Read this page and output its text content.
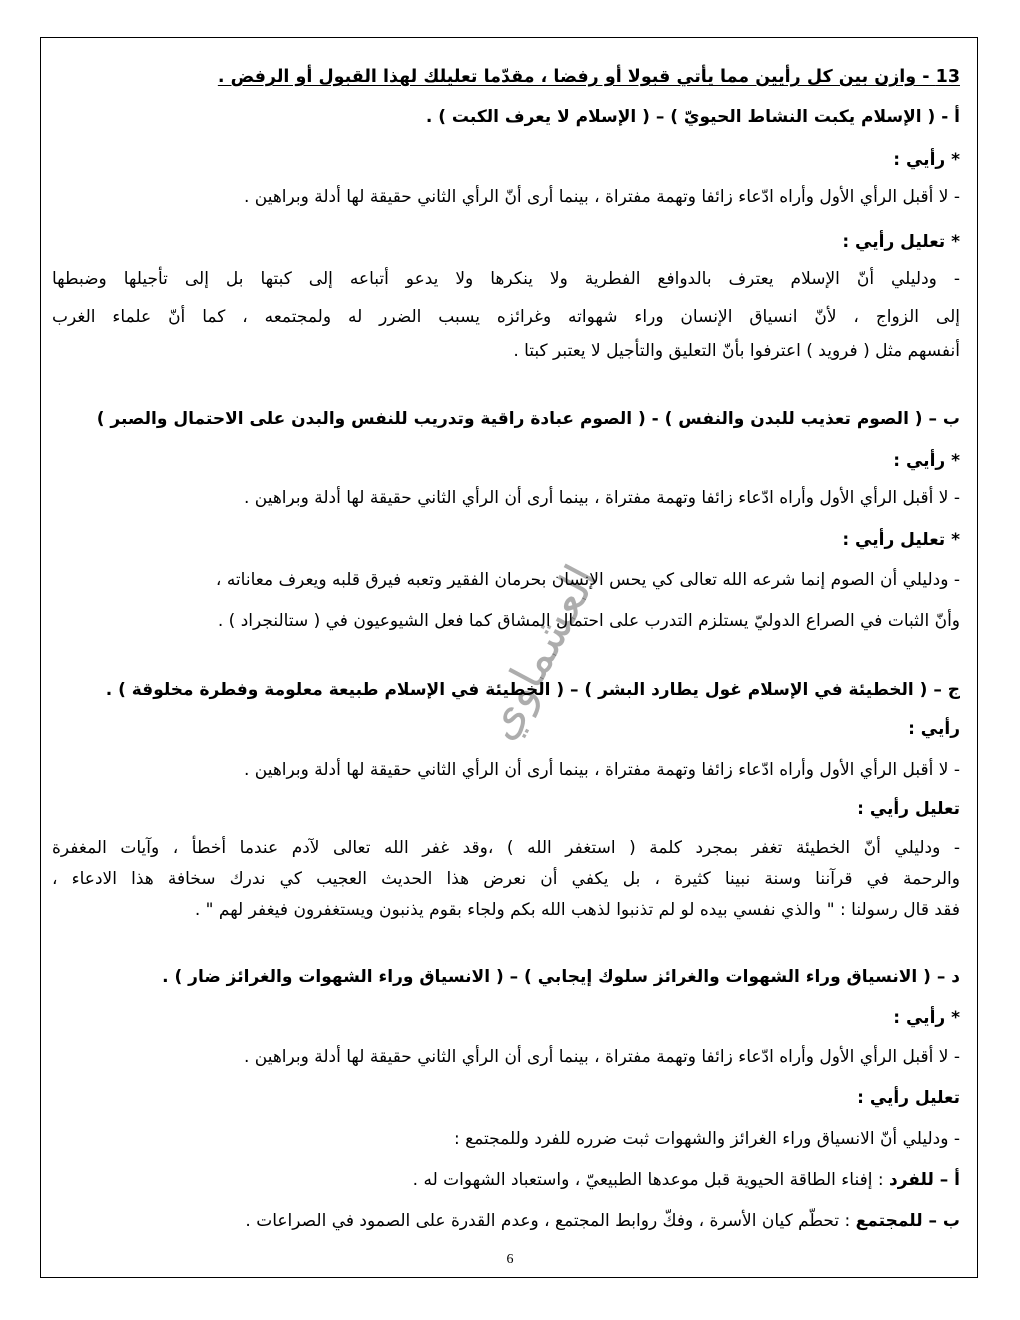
13 - وازن بين كل رأيين مما يأتي قبولا أو رفضا ، مقدّما تعليلك لهذا القبول أو الرفض .
أ - ( الإسلام يكبت النشاط الحيويّ ) – ( الإسلام لا يعرف الكبت ) .
* رأيي :
- لا أقبل الرأي الأول وأراه ادّعاء زائفا وتهمة مفتراة ، بينما أرى أنّ الرأي الثاني حقيقة لها أدلة وبراهين .
* تعليل رأيي :
- ودليلي أنّ الإسلام يعترف بالدوافع الفطرية ولا ينكرها ولا يدعو أتباعه إلى كبتها بل إلى تأجيلها وضبطها
إلى الزواج ، لأنّ انسياق الإنسان وراء شهواته وغرائزه يسبب الضرر له ولمجتمعه ، كما أنّ علماء الغرب
أنفسهم مثل ( فرويد ) اعترفوا بأنّ التعليق والتأجيل لا يعتبر كبتا .
ب – ( الصوم تعذيب للبدن والنفس ) - ( الصوم عبادة راقية وتدريب للنفس والبدن على الاحتمال والصبر )
* رأيي :
- لا أقبل الرأي الأول وأراه ادّعاء زائفا وتهمة مفتراة ، بينما أرى أن الرأي الثاني حقيقة لها أدلة وبراهين .
* تعليل رأيي :
- ودليلي أن الصوم إنما شرعه الله تعالى كي يحس الإنسان بحرمان الفقير وتعبه فيرق قلبه ويعرف معاناته ،
وأنّ الثبات في الصراع الدوليّ يستلزم التدرب على احتمال المشاق كما فعل الشيوعيون في ( ستالنجراد ) .
ج – ( الخطيئة في الإسلام غول يطارد البشر ) – ( الخطيئة في الإسلام طبيعة معلومة وفطرة مخلوقة ) .
رأيي :
- لا أقبل الرأي الأول وأراه ادّعاء زائفا وتهمة مفتراة ، بينما أرى أن الرأي الثاني حقيقة لها أدلة وبراهين .
تعليل رأيي :
- ودليلي أنّ الخطيئة تغفر بمجرد كلمة ( استغفر الله ) ،وقد غفر الله تعالى لآدم عندما أخطأ ، وآيات المغفرة
والرحمة في قرآننا وسنة نبينا كثيرة ، بل يكفي أن نعرض هذا الحديث العجيب كي ندرك سخافة هذا الادعاء ،
فقد قال رسولنا : " والذي نفسي بيده لو لم تذنبوا لذهب الله بكم ولجاء بقوم يذنبون ويستغفرون فيغفر لهم " .
د – ( الانسياق وراء الشهوات والغرائز سلوك إيجابي ) – ( الانسياق وراء الشهوات والغرائز ضار ) .
* رأيي :
- لا أقبل الرأي الأول وأراه ادّعاء زائفا وتهمة مفتراة ، بينما أرى أن الرأي الثاني حقيقة لها أدلة وبراهين .
تعليل رأيي :
- ودليلي أنّ الانسياق وراء الغرائز والشهوات ثبت ضرره للفرد وللمجتمع :
أ – للفرد : إفناء الطاقة الحيوية قبل موعدها الطبيعيّ ، واستعباد الشهوات له .
ب – للمجتمع : تحطّم كيان الأسرة ، وفكّ روابط المجتمع ، وعدم القدرة على الصمود في الصراعات .
العشماوي
6
